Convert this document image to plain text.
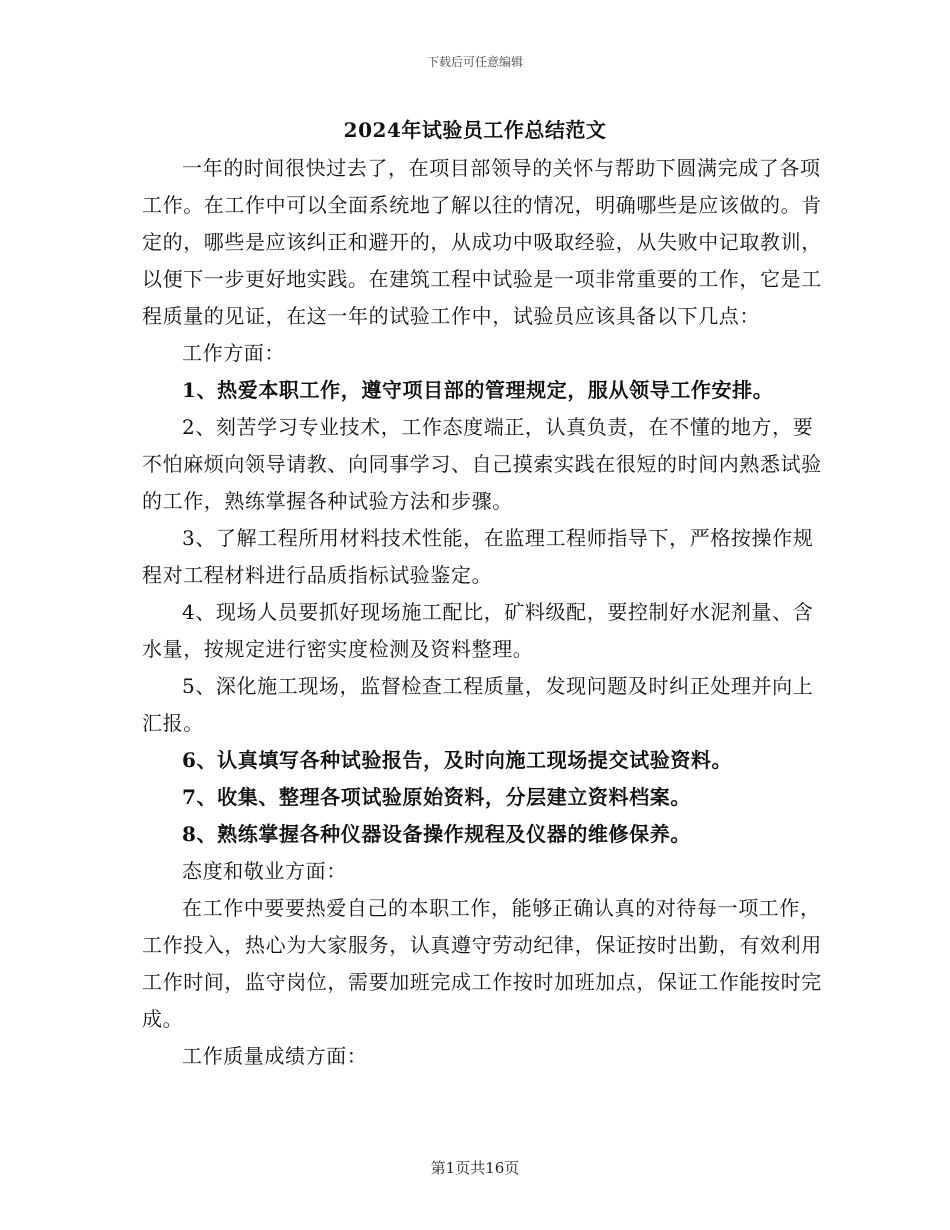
下载后可任意编辑
2024年试验员工作总结范文

一年的时间很快过去了，在项目部领导的关怀与帮助下圆满完成了各项工作。在工作中可以全面系统地了解以往的情况，明确哪些是应该做的。肯定的，哪些是应该纠正和避开的，从成功中吸取经验，从失败中记取教训，以便下一步更好地实践。在建筑工程中试验是一项非常重要的工作，它是工程质量的见证，在这一年的试验工作中，试验员应该具备以下几点：

工作方面：

1、热爱本职工作，遵守项目部的管理规定，服从领导工作安排。

2、刻苦学习专业技术，工作态度端正，认真负责，在不懂的地方，要不怕麻烦向领导请教、向同事学习、自己摸索实践在很短的时间内熟悉试验的工作，熟练掌握各种试验方法和步骤。

3、了解工程所用材料技术性能，在监理工程师指导下，严格按操作规程对工程材料进行品质指标试验鉴定。

4、现场人员要抓好现场施工配比，矿料级配，要控制好水泥剂量、含水量，按规定进行密实度检测及资料整理。

5、深化施工现场，监督检查工程质量，发现问题及时纠正处理并向上汇报。

6、认真填写各种试验报告，及时向施工现场提交试验资料。

7、收集、整理各项试验原始资料，分层建立资料档案。

8、熟练掌握各种仪器设备操作规程及仪器的维修保养。

态度和敬业方面：

在工作中要要热爱自己的本职工作，能够正确认真的对待每一项工作，工作投入，热心为大家服务，认真遵守劳动纪律，保证按时出勤，有效利用工作时间，监守岗位，需要加班完成工作按时加班加点，保证工作能按时完成。

工作质量成绩方面：

第1页共16页
